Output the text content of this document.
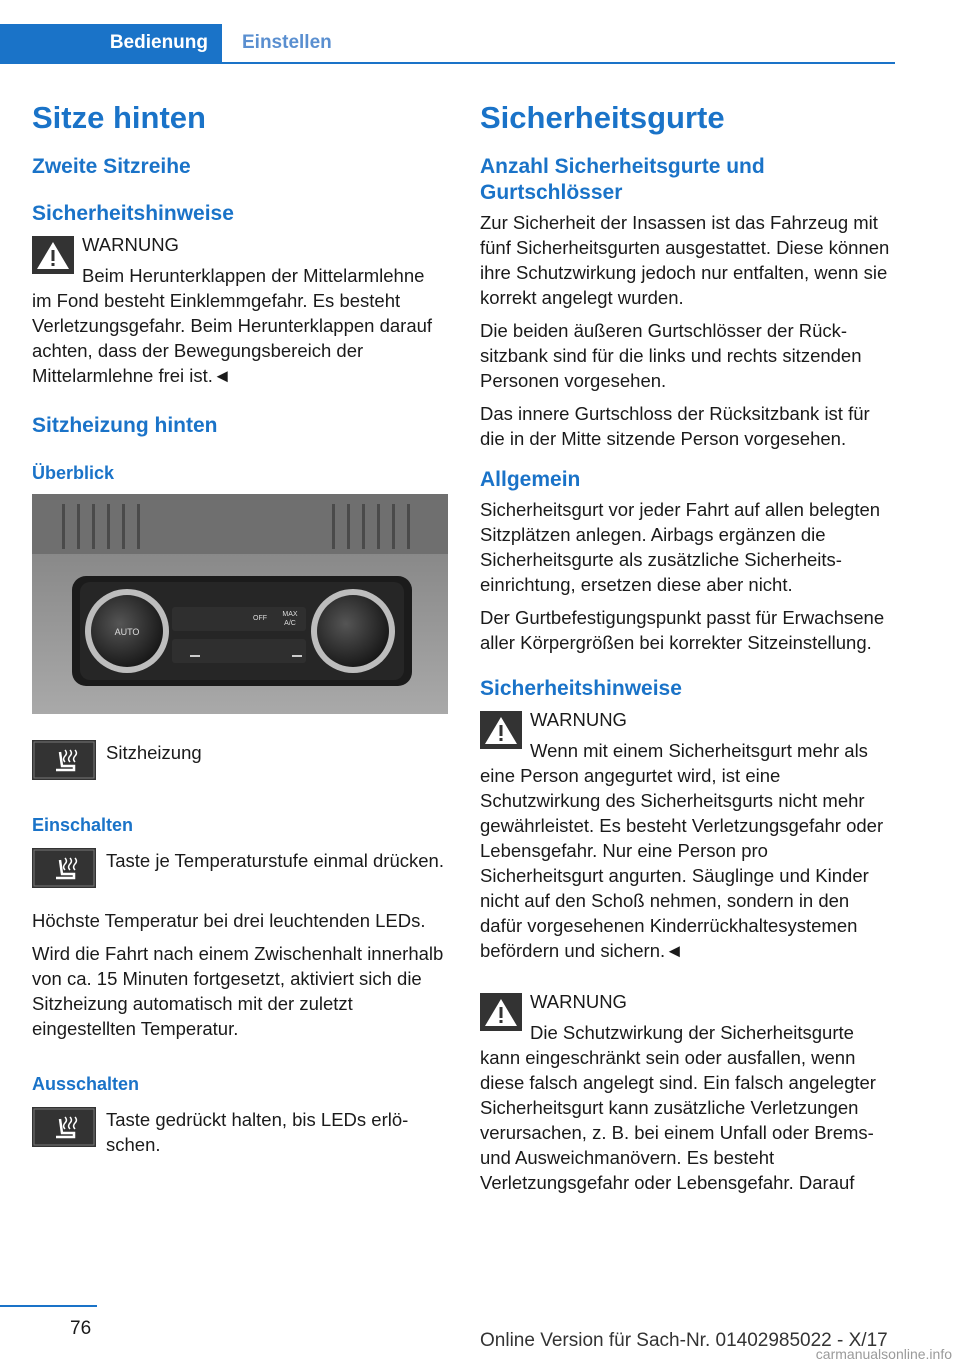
Bedienung	Einstellen
Sitze hinten
Zweite Sitzreihe
Sicherheitshinweise
WARNUNG

Beim Herunterklappen der Mittelarmlehne im Fond besteht Einklemmgefahr. Es besteht Verletzungsgefahr. Beim Herunterklappen darauf achten, dass der Bewegungsbereich der Mittelarmlehne frei ist.◄

Sitzheizung hinten
Überblick
AUTO
OFF
MAX
A/C
Sitzheizung
Einschalten
Taste je Temperaturstufe einmal drücken.

Höchste Temperatur bei drei leuchtenden LEDs.

Wird die Fahrt nach einem Zwischenhalt innerhalb von ca. 15 Minuten fortgesetzt, aktiviert sich die Sitzheizung automatisch mit der zuletzt eingestellten Temperatur.

Ausschalten
Taste gedrückt halten, bis LEDs erlöschen.
Sicherheitsgurte
Anzahl Sicherheitsgurte und Gurtschlösser

Zur Sicherheit der Insassen ist das Fahrzeug mit fünf Sicherheitsgurten ausgestattet. Diese können ihre Schutzwirkung jedoch nur entfalten, wenn sie korrekt angelegt wurden.

Die beiden äußeren Gurtschlösser der Rücksitzbank sind für die links und rechts sitzenden Personen vorgesehen.

Das innere Gurtschloss der Rücksitzbank ist für die in der Mitte sitzende Person vorgesehen.

Allgemein

Sicherheitsgurt vor jeder Fahrt auf allen belegten Sitzplätzen anlegen. Airbags ergänzen die Sicherheitsgurte als zusätzliche Sicherheitseinrichtung, ersetzen diese aber nicht.

Der Gurtbefestigungspunkt passt für Erwachsene aller Körpergrößen bei korrekter Sitzeinstellung.

Sicherheitshinweise
WARNUNG

Wenn mit einem Sicherheitsgurt mehr als eine Person angegurtet wird, ist eine Schutzwirkung des Sicherheitsgurts nicht mehr gewährleistet. Es besteht Verletzungsgefahr oder Lebensgefahr. Nur eine Person pro Sicherheitsgurt angurten. Säuglinge und Kinder nicht auf den Schoß nehmen, sondern in den dafür vorgesehenen Kinderrückhaltesystemen befördern und sichern.◄

WARNUNG

Die Schutzwirkung der Sicherheitsgurte kann eingeschränkt sein oder ausfallen, wenn diese falsch angelegt sind. Ein falsch angelegter Sicherheitsgurt kann zusätzliche Verletzungen verursachen, z. B. bei einem Unfall oder Brems- und Ausweichmanövern. Es besteht Verletzungsgefahr oder Lebensgefahr. Darauf

76
Online Version für Sach-Nr. 01402985022 - X/17
carmanualsonline.info
